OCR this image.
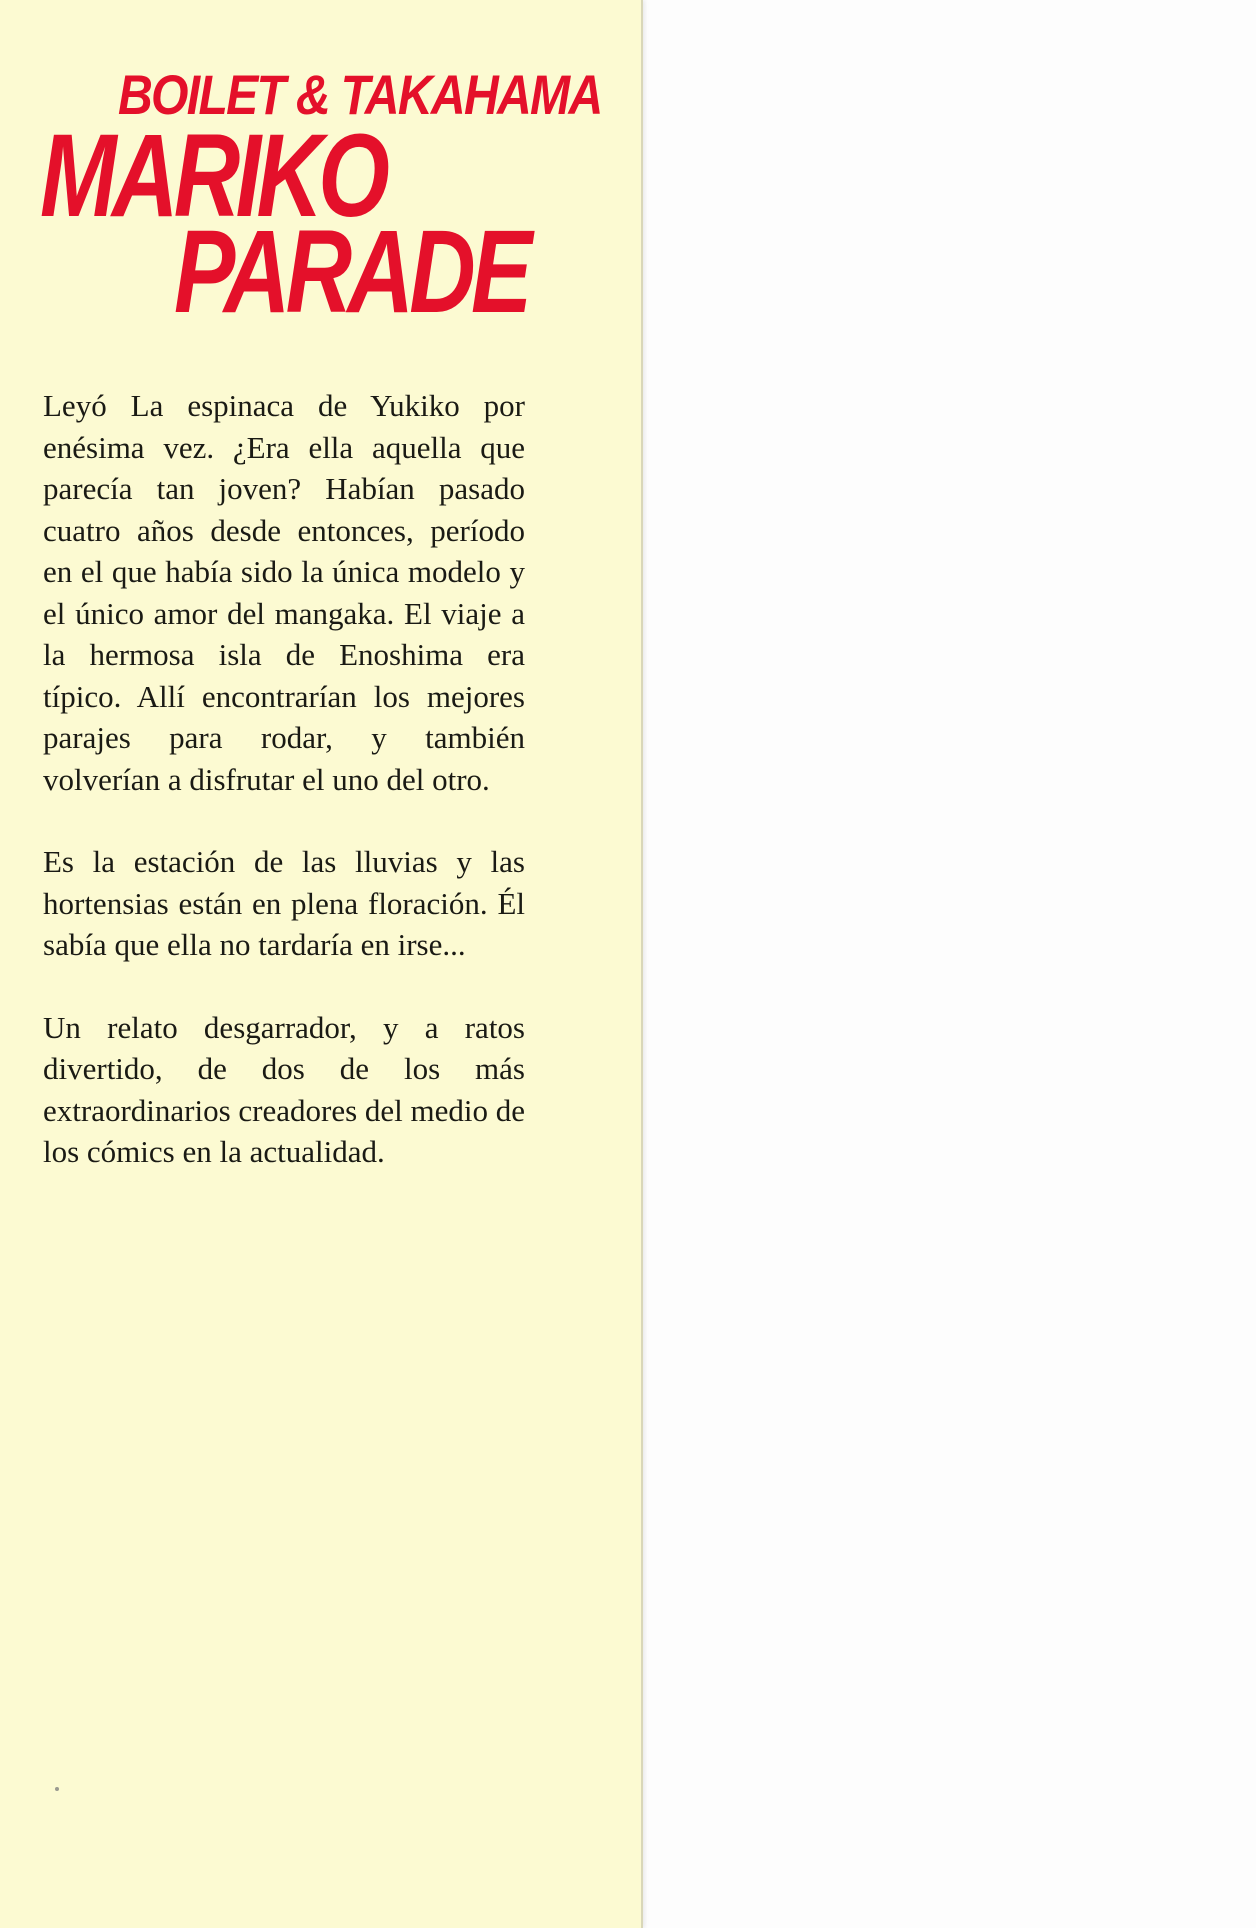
BOILET & TAKAHAMA
MARIKO
PARADE

Leyó La espinaca de Yukiko por enésima vez. ¿Era ella aquella que parecía tan joven? Habían pasado cuatro años desde entonces, período en el que había sido la única modelo y el único amor del mangaka. El viaje a la hermosa isla de Enoshima era típico. Allí encontrarían los mejores parajes para rodar, y también volverían a disfrutar el uno del otro.

Es la estación de las lluvias y las hortensias están en plena floración. Él sabía que ella no tardaría en irse...

Un relato desgarrador, y a ratos divertido, de dos de los más extraordinarios creadores del medio de los cómics en la actualidad.
